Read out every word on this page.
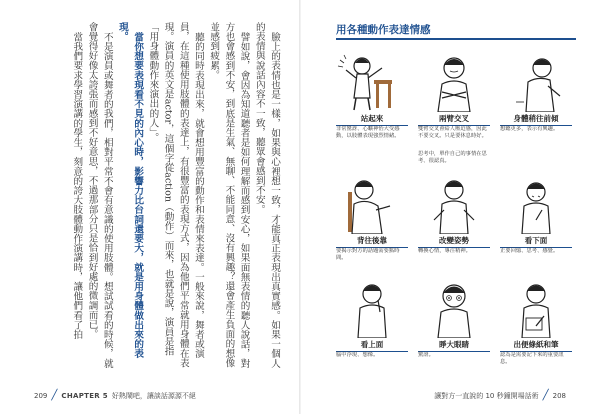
臉上的表情也是一樣，如果與心裡想一致，才能真正表現出真實感。如果一個人的表情與說話內容不一致，聽眾會感到不安。
譬如說，會因為知道聽者是如何理解而感到安心，如果面無表情的聽人說話，對方也會感到不安，到底是生氣、無聊、不能同意、沒有興趣？還會產生負面的想像並感到疲累。
聽的同時表現出來，就會想用豐富的動作和表情來表達。一般來說，舞者或演員，在這種使用肢體的表達上，有很豐富的表現方式，因為他們平常就用身體在表現。演員的英文是actor，這個字從action（動作）而來，也就是說，演員是指「用身體動作來演出的人」。
當你想要表現看不見的內心時，影響力比台詞還要大，就是用身體做出來的表現。
不是演員或舞者的我們，相對平常不會有意識的使用肢體。想試試看的時候，就會覺得好像太誇張而感到不好意思，不過那部分只是恰到好處的微調而已。
當我們要求學習演講的學生，刻意的誇大肢體動作演講時，讓他們看了拍
209 ╱ CHAPTER 5 好熱鬧吧，讓談話源源不絕
用各種動作表達情感
站起來
非常驚訝、心曠神怡大受感動，以肢體表現強烈情緒。
兩臂交叉
雙臂交叉會給人壓迫感，因此不要交叉。只是要休息時好。
思考中，單作自己的事情在思考、很認真。
身體稍往前傾
想聽更多，表示有興趣。
背往後靠
要揭示對方的話題需要點時間。
改變姿勢
轉換心情，專注精神。
看下面
正要回憶、思考、感覺。
看上面
腦中浮現、想像。
睜大眼睛
驚訝。
出便條紙和筆
認為是需要記下來的重要訊息。
讓對方一直說的 10 秒鐘開場話術 ╱ 208
